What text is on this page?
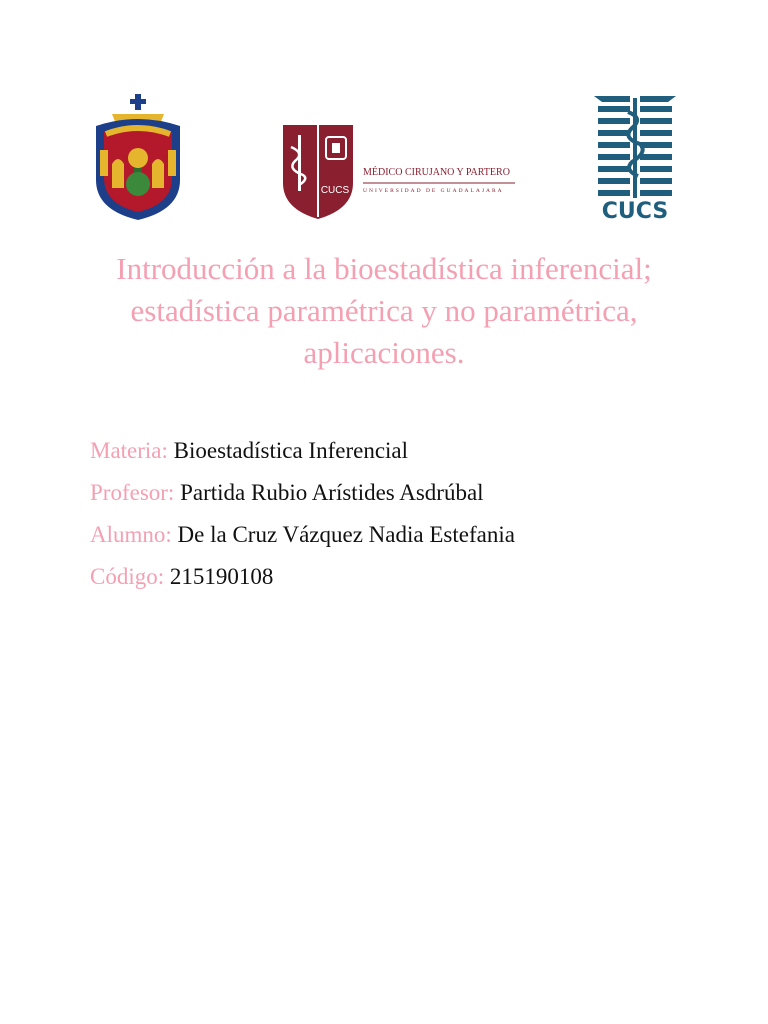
CUCS
MÉDICO CIRUJANO Y PARTERO
UNIVERSIDAD DE GUADALAJARA
CUCS
Introducción a la bioestadística inferencial;
estadística paramétrica y no paramétrica,
aplicaciones.
Materia: Bioestadística Inferencial
Profesor: Partida Rubio Arístides Asdrúbal
Alumno: De la Cruz Vázquez Nadia Estefania
Código: 215190108
